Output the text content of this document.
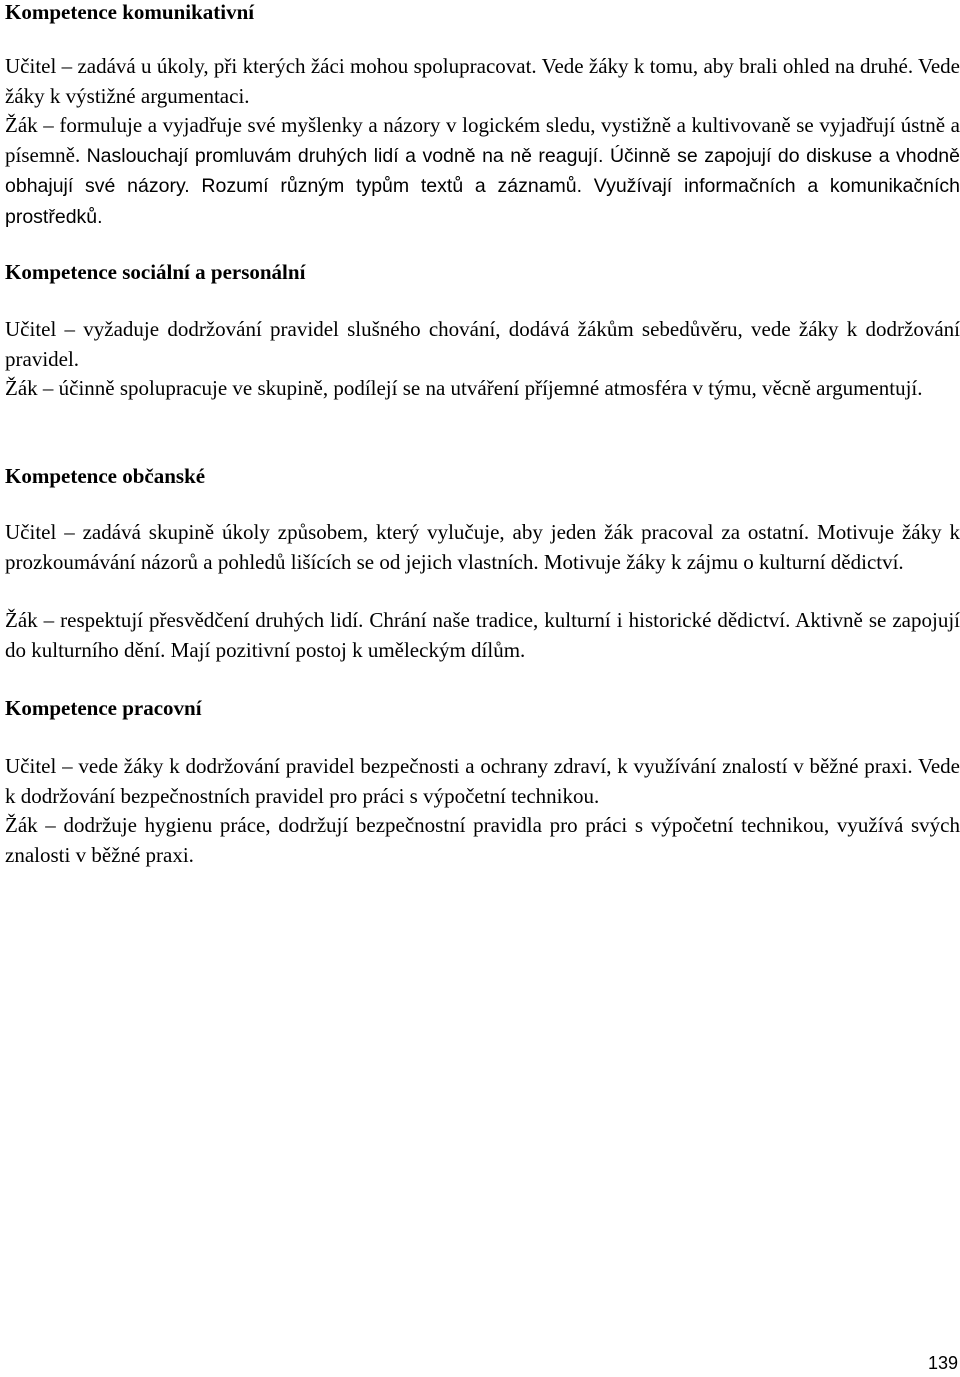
Kompetence komunikativní

Učitel – zadává u úkoly, při kterých žáci mohou spolupracovat. Vede žáky k tomu, aby brali ohled na druhé. Vede žáky k výstižné argumentaci.

Žák – formuluje a vyjadřuje své myšlenky a názory v logickém sledu, vystižně a kultivovaně se vyjadřují ústně a písemně. Naslouchají promluvám druhých lidí a vodně na ně reagují. Účinně se zapojují do diskuse a vhodně obhajují své názory. Rozumí různým typům textů a záznamů. Využívají informačních a komunikačních prostředků.

Kompetence sociální a personální

Učitel – vyžaduje dodržování pravidel slušného chování, dodává žákům sebedůvěru, vede žáky k dodržování pravidel.

Žák – účinně spolupracuje ve skupině, podílejí se na utváření příjemné atmosféra v týmu, věcně argumentují.

Kompetence občanské

Učitel – zadává skupině úkoly způsobem, který vylučuje, aby jeden žák pracoval za ostatní. Motivuje žáky k prozkoumávání názorů a pohledů lišících se od jejich vlastních. Motivuje žáky k zájmu o kulturní dědictví.

Žák – respektují přesvědčení druhých lidí. Chrání naše tradice, kulturní i historické dědictví. Aktivně se zapojují do kulturního dění. Mají pozitivní postoj k uměleckým dílům.

Kompetence pracovní

Učitel – vede žáky k dodržování pravidel bezpečnosti a ochrany zdraví, k využívání znalostí v běžné praxi. Vede k dodržování bezpečnostních pravidel pro práci s výpočetní technikou.

Žák – dodržuje hygienu práce, dodržují bezpečnostní pravidla pro práci s výpočetní technikou, využívá svých znalosti v běžné praxi.

139
